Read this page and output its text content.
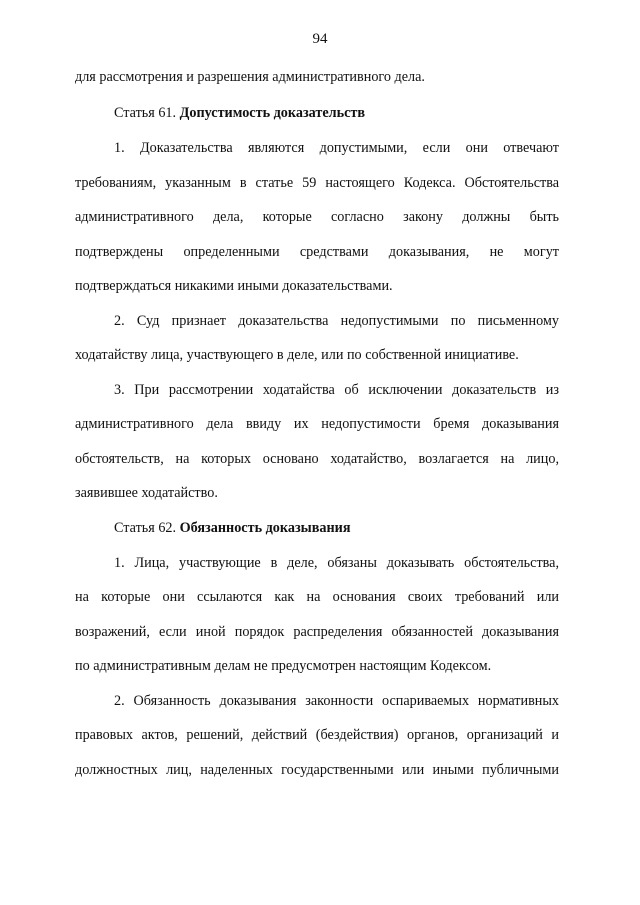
94
для рассмотрения и разрешения административного дела.
Статья 61. Допустимость доказательств
1. Доказательства являются допустимыми, если они отвечают
требованиям, указанным в статье 59 настоящего Кодекса. Обстоятельства
административного дела, которые согласно закону должны быть
подтверждены определенными средствами доказывания, не могут
подтверждаться никакими иными доказательствами.
2. Суд признает доказательства недопустимыми по письменному
ходатайству лица, участвующего в деле, или по собственной инициативе.
3. При рассмотрении ходатайства об исключении доказательств из
административного дела ввиду их недопустимости бремя доказывания
обстоятельств, на которых основано ходатайство, возлагается на лицо,
заявившее ходатайство.
Статья 62. Обязанность доказывания
1. Лица, участвующие в деле, обязаны доказывать обстоятельства,
на которые они ссылаются как на основания своих требований или
возражений, если иной порядок распределения обязанностей доказывания
по административным делам не предусмотрен настоящим Кодексом.
2. Обязанность доказывания законности оспариваемых нормативных
правовых актов, решений, действий (бездействия) органов, организаций и
должностных лиц, наделенных государственными или иными публичными
